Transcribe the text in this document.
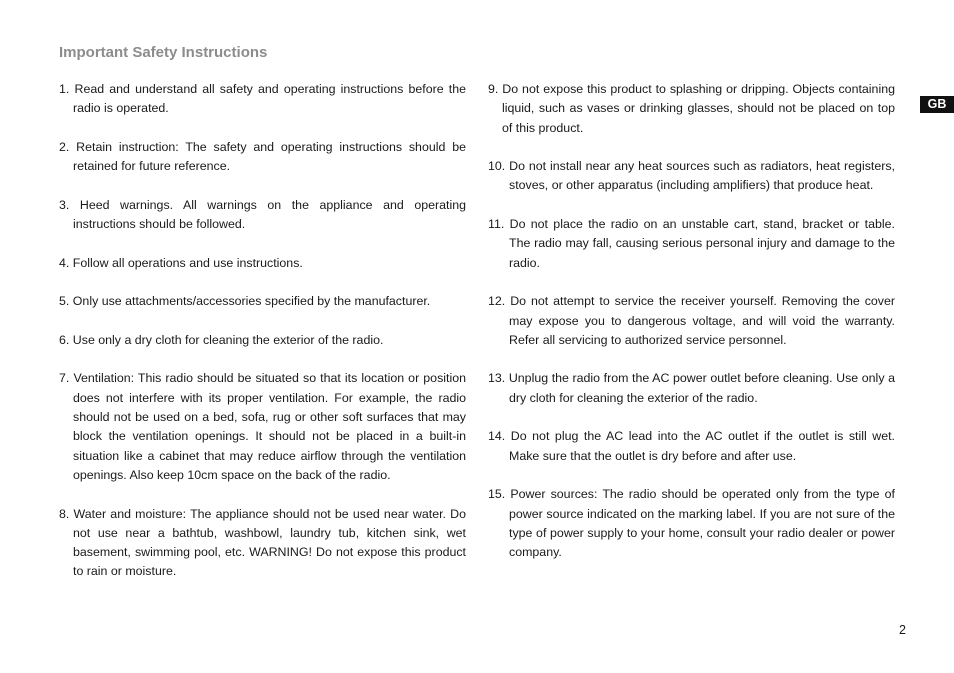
Important Safety Instructions
GB
1. Read and understand all safety and operating instructions before the radio is operated.
2. Retain instruction: The safety and operating instructions should be retained for future reference.
3. Heed warnings. All warnings on the appliance and operating instructions should be followed.
4. Follow all operations and use instructions.
5. Only use attachments/accessories specified by the manufacturer.
6. Use only a dry cloth for cleaning the exterior of the radio.
7. Ventilation: This radio should be situated so that its location or position does not interfere with its proper ventilation. For example, the radio should not be used on a bed, sofa, rug or other soft surfaces that may block the ventilation openings. It should not be placed in a built-in situation like a cabinet that may reduce airflow through the ventilation openings. Also keep 10cm space on the back of the radio.
8. Water and moisture: The appliance should not be used near water. Do not use near a bathtub, washbowl, laundry tub, kitchen sink, wet basement, swimming pool, etc. WARNING! Do not expose this product to rain or moisture.
9. Do not expose this product to splashing or dripping. Objects containing liquid, such as vases or drinking glasses, should not be placed on top of this product.
10. Do not install near any heat sources such as radiators, heat registers, stoves, or other apparatus (including amplifiers) that produce heat.
11. Do not place the radio on an unstable cart, stand, bracket or table. The radio may fall, causing serious personal injury and damage to the radio.
12. Do not attempt to service the receiver yourself. Removing the cover may expose you to dangerous voltage, and will void the warranty. Refer all servicing to authorized service personnel.
13. Unplug the radio from the AC power outlet before cleaning. Use only a dry cloth for cleaning the exterior of the radio.
14. Do not plug the AC lead into the AC outlet if the outlet is still wet. Make sure that the outlet is dry before and after use.
15. Power sources: The radio should be operated only from the type of power source indicated on the marking label. If you are not sure of the type of power supply to your home, consult your radio dealer or power company.
2
